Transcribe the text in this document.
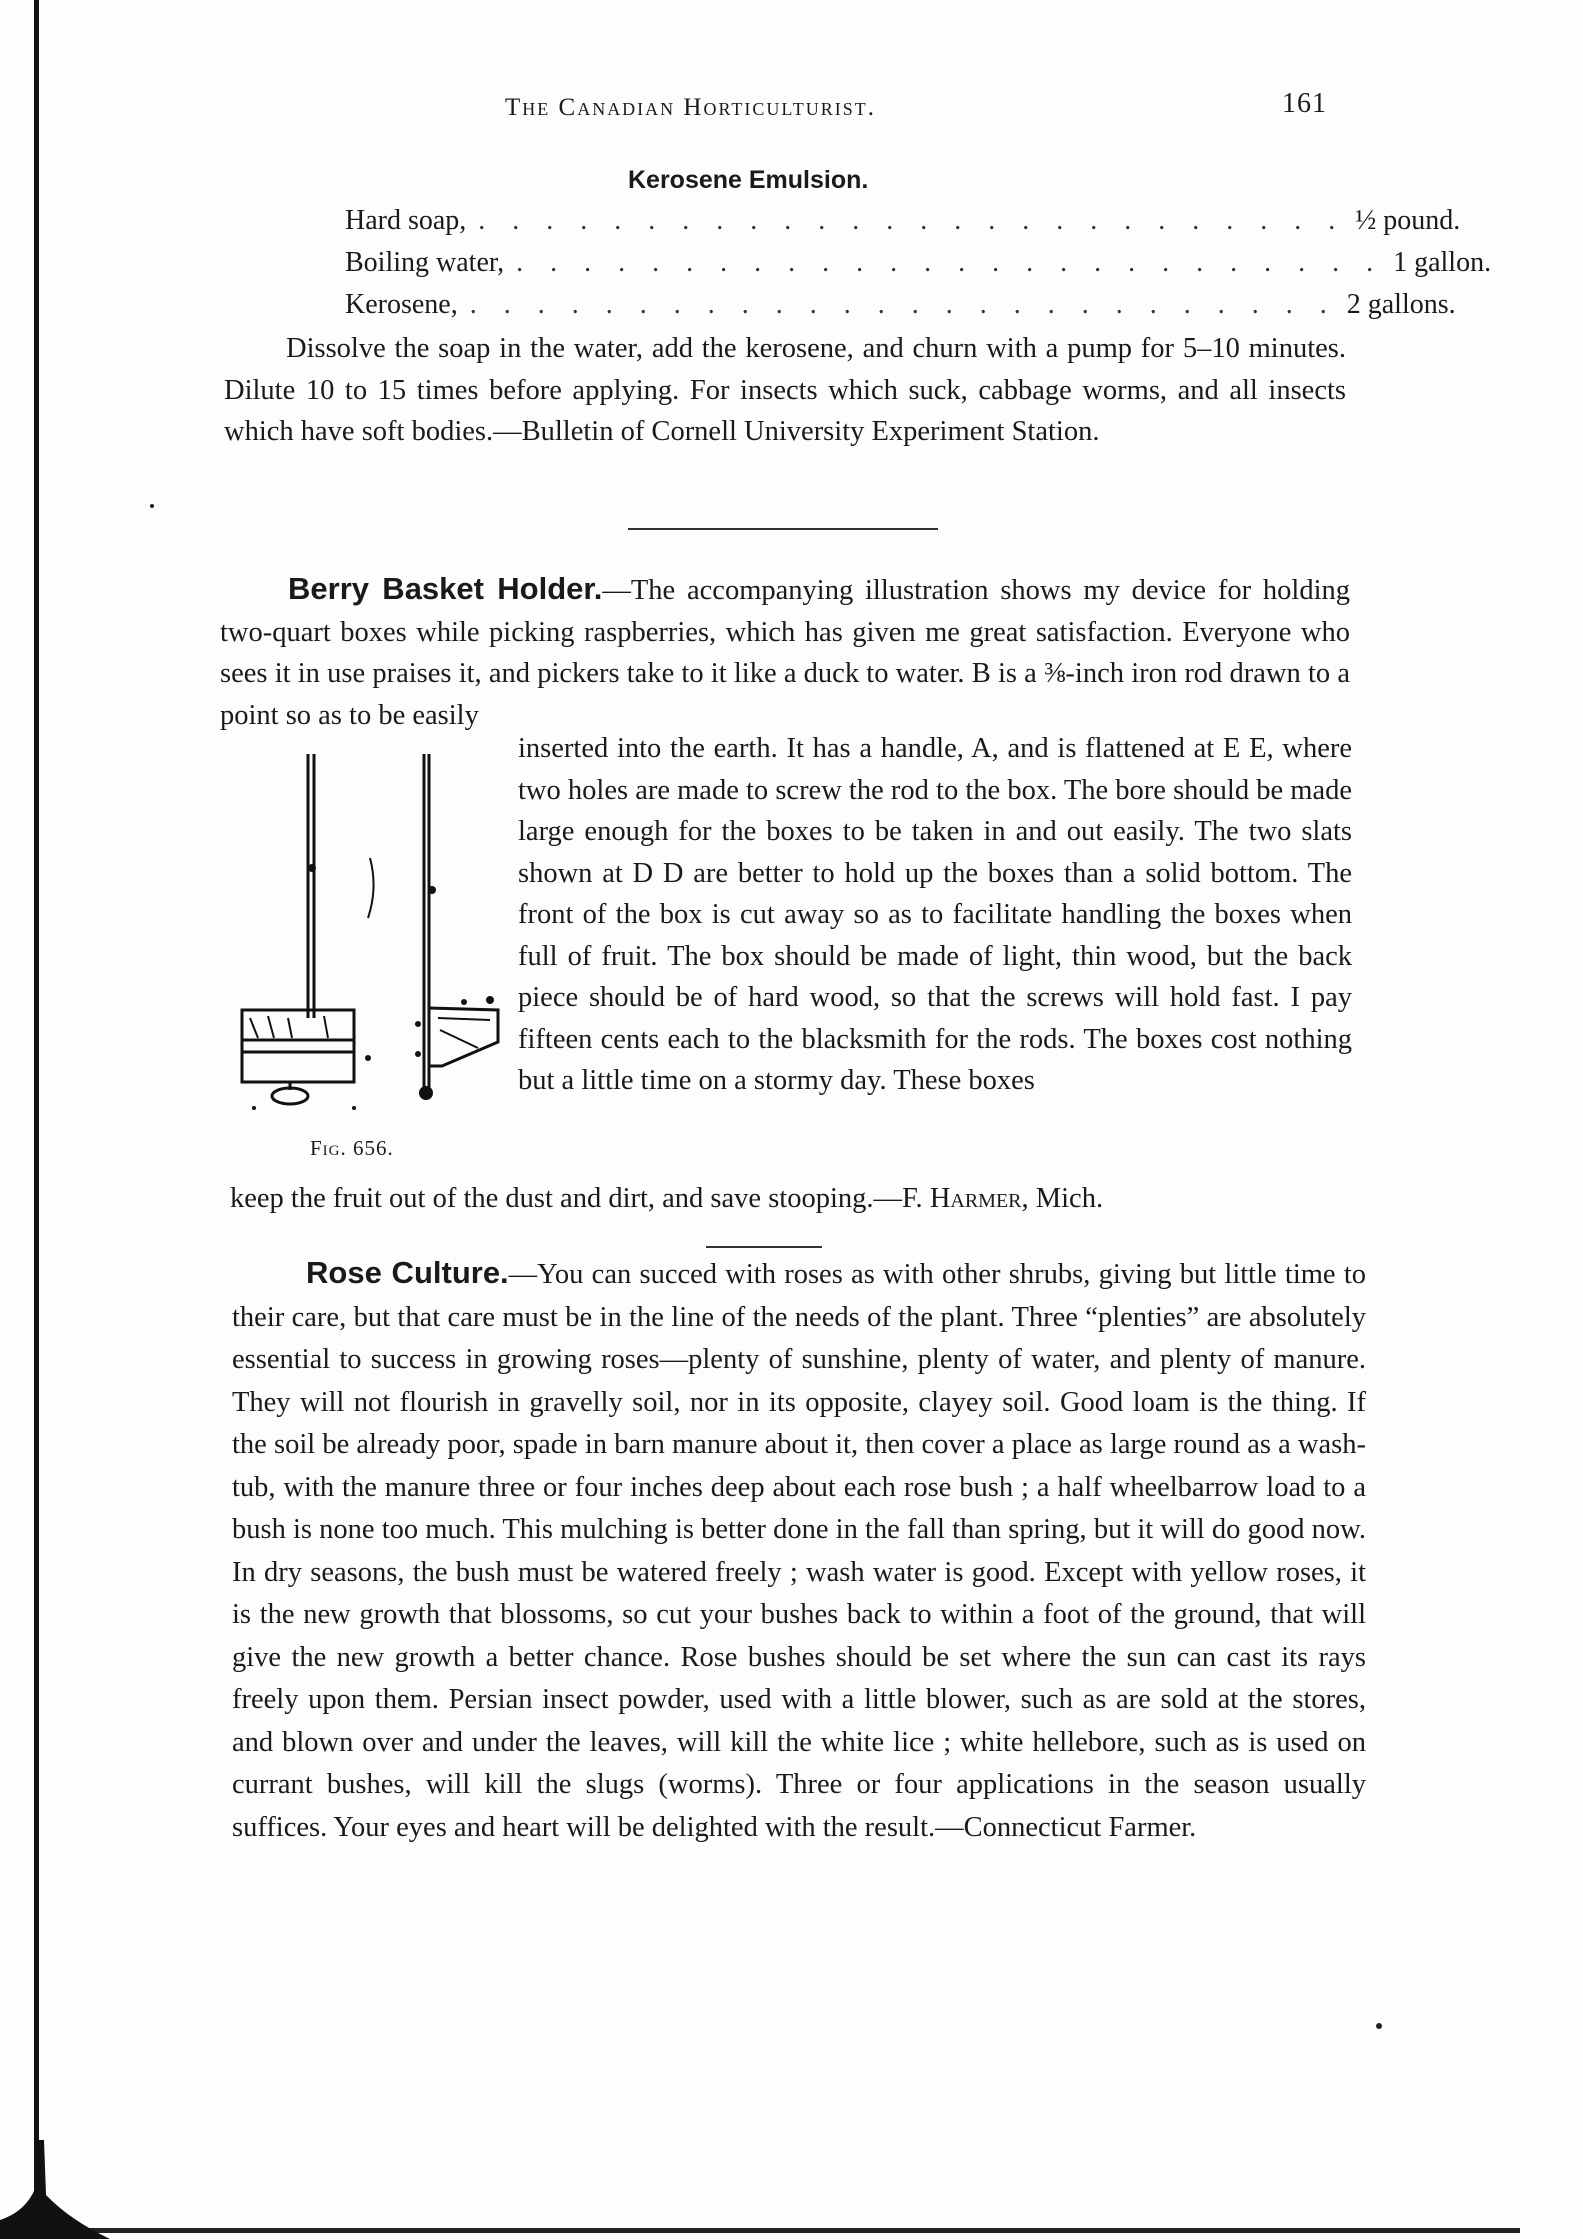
The Canadian Horticulturist.	161
Kerosene Emulsion.
Hard soap, . . . . . . . . . . . . . . . . . . . . . . . . . . ½ pound.
Boiling water, . . . . . . . . . . . . . . . . . . . . . . . . . . 1 gallon.
Kerosene, . . . . . . . . . . . . . . . . . . . . . . . . . . 2 gallons.

Dissolve the soap in the water, add the kerosene, and churn with a pump for 5–10 minutes. Dilute 10 to 15 times before applying. For insects which suck, cabbage worms, and all insects which have soft bodies.—Bulletin of Cornell University Experiment Station.

Berry Basket Holder.—The accompanying illustration shows my device for holding two-quart boxes while picking raspberries, which has given me great satisfaction. Everyone who sees it in use praises it, and pickers take to it like a duck to water. B is a ⅜-inch iron rod drawn to a point so as to be easily

Fig. 656.

inserted into the earth. It has a handle, A, and is flattened at E E, where two holes are made to screw the rod to the box. The bore should be made large enough for the boxes to be taken in and out easily. The two slats shown at D D are better to hold up the boxes than a solid bottom. The front of the box is cut away so as to facilitate handling the boxes when full of fruit. The box should be made of light, thin wood, but the back piece should be of hard wood, so that the screws will hold fast. I pay fifteen cents each to the blacksmith for the rods. The boxes cost nothing but a little time on a stormy day. These boxes

keep the fruit out of the dust and dirt, and save stooping.—F. Harmer, Mich.

Rose Culture.—You can succed with roses as with other shrubs, giving but little time to their care, but that care must be in the line of the needs of the plant. Three “plenties” are absolutely essential to success in growing roses—plenty of sunshine, plenty of water, and plenty of manure. They will not flourish in gravelly soil, nor in its opposite, clayey soil. Good loam is the thing. If the soil be already poor, spade in barn manure about it, then cover a place as large round as a wash-tub, with the manure three or four inches deep about each rose bush ; a half wheelbarrow load to a bush is none too much. This mulching is better done in the fall than spring, but it will do good now. In dry seasons, the bush must be watered freely ; wash water is good. Except with yellow roses, it is the new growth that blossoms, so cut your bushes back to within a foot of the ground, that will give the new growth a better chance. Rose bushes should be set where the sun can cast its rays freely upon them. Persian insect powder, used with a little blower, such as are sold at the stores, and blown over and under the leaves, will kill the white lice ; white hellebore, such as is used on currant bushes, will kill the slugs (worms). Three or four applications in the season usually suffices. Your eyes and heart will be delighted with the result.—Connecticut Farmer.
